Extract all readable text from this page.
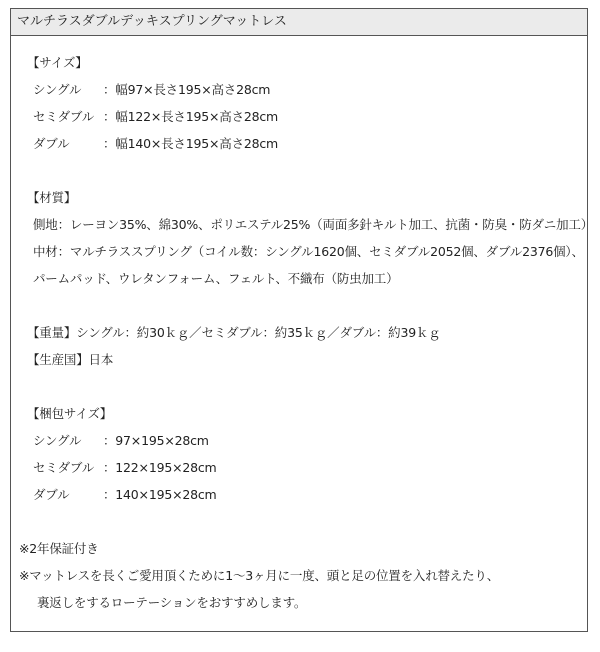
マルチラスダブルデッキスプリングマットレス
【サイズ】
シングル ：幅97×長さ195×高さ28cm
セミダブル ：幅122×長さ195×高さ28cm
ダブル	：幅140×長さ195×高さ28cm
【材質】
側地：レーヨン35%、綿30%、ポリエステル25%（両面多針キルト加工、抗菌・防臭・防ダニ加工）
中材：マルチラススプリング（コイル数：シングル1620個、セミダブル2052個、ダブル2376個）、
パームパッド、ウレタンフォーム、フェルト、不織布（防虫加工）
【重量】シングル：約30ｋｇ／セミダブル：約35ｋｇ／ダブル：約39ｋｇ
【生産国】日本
【梱包サイズ】
シングル ：97×195×28cm
セミダブル ：122×195×28cm
ダブル	：140×195×28cm
※2年保証付き
※マットレスを長くご愛用頂くために1～3ヶ月に一度、頭と足の位置を入れ替えたり、
裏返しをするローテーションをおすすめします。
